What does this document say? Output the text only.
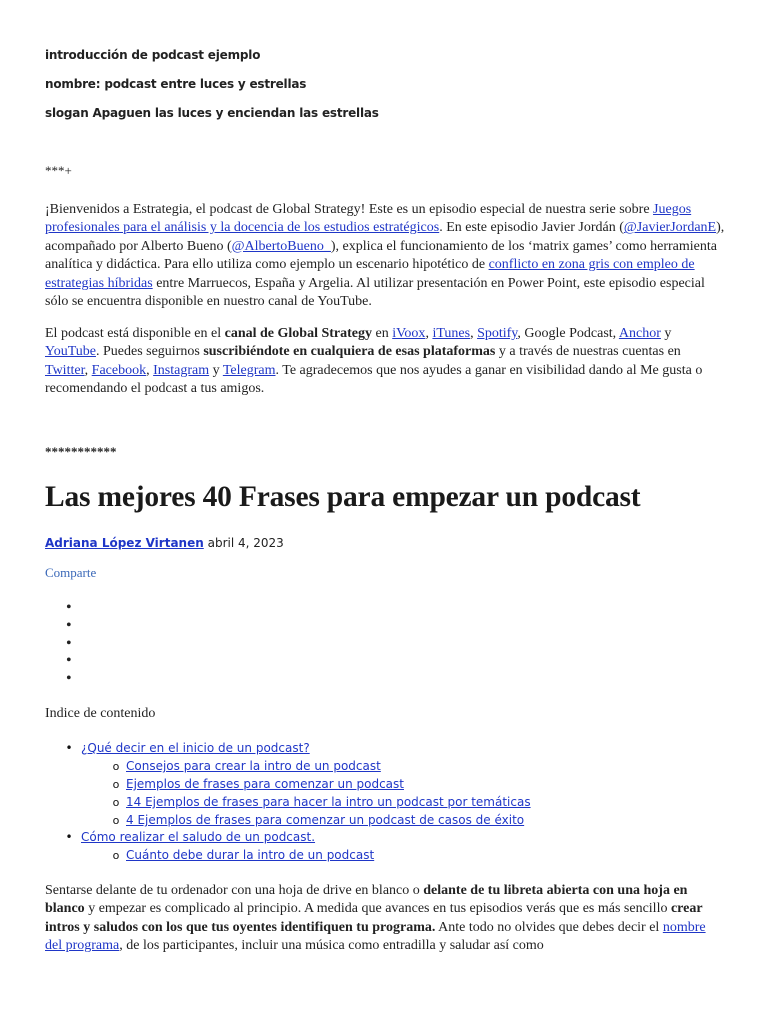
introducción de podcast ejemplo
nombre: podcast entre luces y estrellas
slogan Apaguen las luces y enciendan las estrellas
***+
¡Bienvenidos a Estrategia, el podcast de Global Strategy! Este es un episodio especial de nuestra serie sobre Juegos profesionales para el análisis y la docencia de los estudios estratégicos. En este episodio Javier Jordán (@JavierJordanE), acompañado por Alberto Bueno (@AlbertoBueno_), explica el funcionamiento de los ‘matrix games’ como herramienta analítica y didáctica. Para ello utiliza como ejemplo un escenario hipotético de conflicto en zona gris con empleo de estrategias híbridas entre Marruecos, España y Argelia. Al utilizar presentación en Power Point, este episodio especial sólo se encuentra disponible en nuestro canal de YouTube.
El podcast está disponible en el canal de Global Strategy en iVoox, iTunes, Spotify, Google Podcast, Anchor y YouTube. Puedes seguirnos suscribiéndote en cualquiera de esas plataformas y a través de nuestras cuentas en Twitter, Facebook, Instagram y Telegram. Te agradecemos que nos ayudes a ganar en visibilidad dando al Me gusta o recomendando el podcast a tus amigos.
***********
Las mejores 40 Frases para empezar un podcast
Adriana López Virtanen abril 4, 2023
Comparte
•
•
•
•
•
Indice de contenido
• ¿Qué decir en el inicio de un podcast?
o Consejos para crear la intro de un podcast
o Ejemplos de frases para comenzar un podcast
o 14 Ejemplos de frases para hacer la intro un podcast por temáticas
o 4 Ejemplos de frases para comenzar un podcast de casos de éxito
• Cómo realizar el saludo de un podcast.
o Cuánto debe durar la intro de un podcast
Sentarse delante de tu ordenador con una hoja de drive en blanco o delante de tu libreta abierta con una hoja en blanco y empezar es complicado al principio. A medida que avances en tus episodios verás que es más sencillo crear intros y saludos con los que tus oyentes identifiquen tu programa. Ante todo no olvides que debes decir el nombre del programa, de los participantes, incluir una música como entradilla y saludar así como
